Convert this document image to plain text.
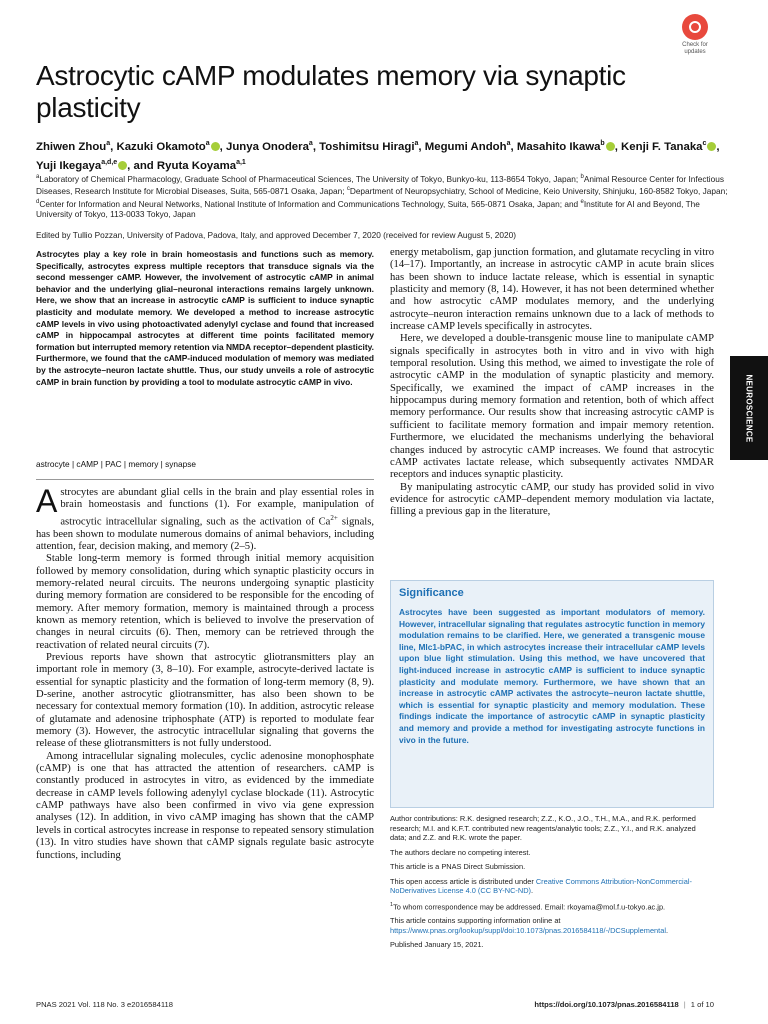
Check for
updates
Astrocytic cAMP modulates memory via synaptic plasticity
Zhiwen Zhou$^a$, Kazuki Okamoto$^a$ , Junya Onodera$^a$, Toshimitsu Hiragi$^a$, Megumi Andoh$^a$, Masahito Ikawa$^b$ , Kenji F. Tanaka$^c$ , Yuji Ikegaya$^{a,d,e}$ , and Ryuta Koyama$^{a,1}$
$^a$Laboratory of Chemical Pharmacology, Graduate School of Pharmaceutical Sciences, The University of Tokyo, Bunkyo-ku, 113-8654 Tokyo, Japan; $^b$Animal Resource Center for Infectious Diseases, Research Institute for Microbial Diseases, Suita, 565-0871 Osaka, Japan; $^c$Department of Neuropsychiatry, School of Medicine, Keio University, Shinjuku, 160-8582 Tokyo, Japan; $^d$Center for Information and Neural Networks, National Institute of Information and Communications Technology, Suita, 565-0871 Osaka, Japan; and $^e$Institute for AI and Beyond, The University of Tokyo, 113-0033 Tokyo, Japan
Edited by Tullio Pozzan, University of Padova, Padova, Italy, and approved December 7, 2020 (received for review August 5, 2020)
Astrocytes play a key role in brain homeostasis and functions such as memory. Specifically, astrocytes express multiple receptors that transduce signals via the second messenger cAMP. However, the involvement of astrocytic cAMP in animal behavior and the underlying glial–neuronal interactions remains largely unknown. Here, we show that an increase in astrocytic cAMP is sufficient to induce synaptic plasticity and modulate memory. We developed a method to increase astrocytic cAMP levels in vivo using photoactivated adenylyl cyclase and found that increased cAMP in hippocampal astrocytes at different time points facilitated memory formation but interrupted memory retention via NMDA receptor–dependent plasticity. Furthermore, we found that the cAMP-induced modulation of memory was mediated by the astrocyte–neuron lactate shuttle. Thus, our study unveils a role of astrocytic cAMP in brain function by providing a tool to modulate astrocytic cAMP in vivo.
astrocyte | cAMP | PAC | memory | synapse

Astrocytes are abundant glial cells in the brain and play essential roles in brain homeostasis and functions (1). For example, manipulation of astrocytic intracellular signaling, such as the activation of $Ca^{2+}$ signals, has been shown to modulate numerous domains of animal behaviors, including attention, fear, decision making, and memory (2–5).

Stable long-term memory is formed through initial memory acquisition followed by memory consolidation, during which synaptic plasticity occurs in memory-related neural circuits. The neurons undergoing synaptic plasticity during memory formation are considered to be responsible for the encoding of memory. After memory formation, memory is maintained through a process known as memory retention, which is believed to involve the preservation of changes in neural circuits (6). Then, memory can be retrieved through the reactivation of related neural circuits (7).

Previous reports have shown that astrocytic gliotransmitters play an important role in memory (3, 8–10). For example, astrocyte-derived lactate is essential for synaptic plasticity and the formation of long-term memory (8, 9). D-serine, another astrocytic gliotransmitter, has also been shown to be necessary for contextual memory formation (10). In addition, astrocytic release of glutamate and adenosine triphosphate (ATP) is reported to modulate fear memory (3). However, the astrocytic intracellular signaling that governs the release of these gliotransmitters is not fully understood.

Among intracellular signaling molecules, cyclic adenosine monophosphate (cAMP) is one that has attracted the attention of researchers. cAMP is constantly produced in astrocytes in vitro, as evidenced by the immediate decrease in cAMP levels following adenylyl cyclase blockade (11). Astrocytic cAMP pathways have also been confirmed in vivo via gene expression analyses (12). In addition, in vivo cAMP imaging has shown that the cAMP levels in cortical astrocytes increase in response to repeated sensory stimulation (13). In vitro studies have shown that cAMP signals regulate basic astrocyte functions, including

energy metabolism, gap junction formation, and glutamate recycling in vitro (14–17). Importantly, an increase in astrocytic cAMP in acute brain slices has been shown to induce lactate release, which is essential in synaptic plasticity and memory (8, 14). However, it has not been determined whether and how astrocytic cAMP modulates memory, and the underlying astrocyte–neuron interaction remains unknown due to a lack of methods to increase cAMP levels specifically in astrocytes.

Here, we developed a double-transgenic mouse line to manipulate cAMP signals specifically in astrocytes both in vitro and in vivo with high temporal resolution. Using this method, we aimed to investigate the role of astrocytic cAMP in the modulation of synaptic plasticity and memory. Specifically, we examined the impact of cAMP increases in the hippocampus during memory formation and retention, both of which affect memory performance. Our results show that increasing astrocytic cAMP is sufficient to facilitate memory formation and impair memory retention. Furthermore, we elucidated the mechanisms underlying the behavioral changes induced by astrocytic cAMP increases. We found that astrocytic cAMP activates lactate release, which subsequently activates NMDAR receptors and induces synaptic plasticity.

By manipulating astrocytic cAMP, our study has provided solid in vivo evidence for astrocytic cAMP–dependent memory modulation via lactate, filling a previous gap in the literature,

Significance
Astrocytes have been suggested as important modulators of memory. However, intracellular signaling that regulates astrocytic function in memory modulation remains to be clarified. Here, we generated a transgenic mouse line, Mlc1-bPAC, in which astrocytes increase their intracellular cAMP levels upon blue light stimulation. Using this method, we have uncovered that light-induced increase in astrocytic cAMP is sufficient to induce synaptic plasticity and modulate memory. Furthermore, we have shown that an increase in astrocytic cAMP activates the astrocyte–neuron lactate shuttle, which is essential for synaptic plasticity and memory modulation. These findings indicate the importance of astrocytic cAMP in synaptic plasticity and memory and provide a method for investigating astrocyte functions in vivo in the future.

Author contributions: R.K. designed research; Z.Z., K.O., J.O., T.H., M.A., and R.K. performed research; M.I. and K.F.T. contributed new reagents/analytic tools; Z.Z., Y.I., and R.K. analyzed data; and Z.Z. and R.K. wrote the paper.

The authors declare no competing interest.

This article is a PNAS Direct Submission.

This open access article is distributed under Creative Commons Attribution-NonCommercial-NoDerivatives License 4.0 (CC BY-NC-ND).

$^1$To whom correspondence may be addressed. Email: rkoyama@mol.f.u-tokyo.ac.jp.

This article contains supporting information online at https://www.pnas.org/lookup/suppl/doi:10.1073/pnas.2016584118/-/DCSupplemental.

Published January 15, 2021.

NEUROSCIENCE
PNAS 2021 Vol. 118 No. 3 e2016584118	https://doi.org/10.1073/pnas.2016584118 | 1 of 10
